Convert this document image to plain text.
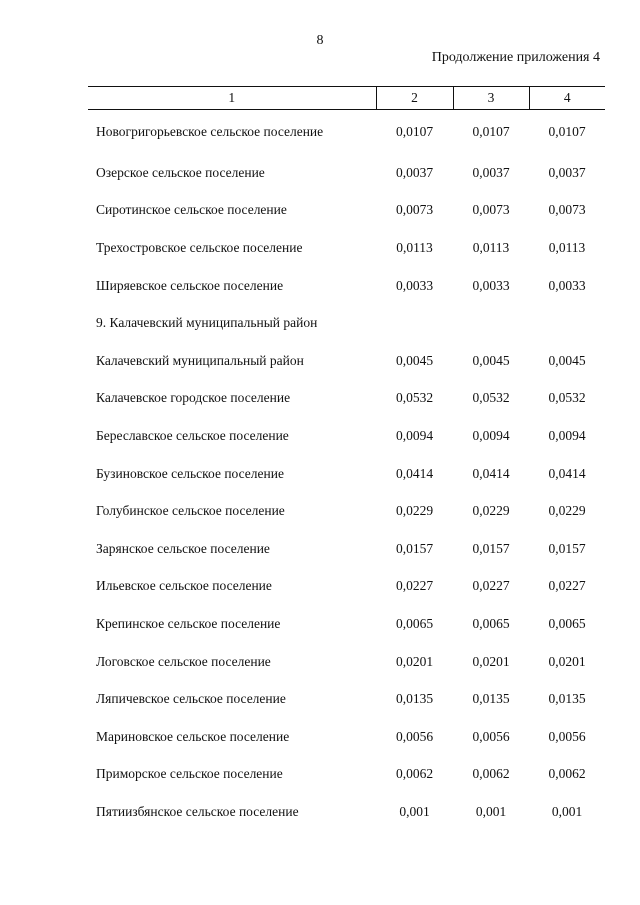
8
Продолжение приложения 4
1	2	3	4
Новогригорьевское сельское поселение	0,0107	0,0107	0,0107
Озерское сельское поселение	0,0037	0,0037	0,0037
Сиротинское сельское поселение	0,0073	0,0073	0,0073
Трехостровское сельское поселение	0,0113	0,0113	0,0113
Ширяевское сельское поселение	0,0033	0,0033	0,0033
9. Калачевский муниципальный район			
Калачевский муниципальный район	0,0045	0,0045	0,0045
Калачевское городское поселение	0,0532	0,0532	0,0532
Береславское сельское поселение	0,0094	0,0094	0,0094
Бузиновское сельское поселение	0,0414	0,0414	0,0414
Голубинское сельское поселение	0,0229	0,0229	0,0229
Зарянское сельское поселение	0,0157	0,0157	0,0157
Ильевское сельское поселение	0,0227	0,0227	0,0227
Крепинское сельское поселение	0,0065	0,0065	0,0065
Логовское сельское поселение	0,0201	0,0201	0,0201
Ляпичевское сельское поселение	0,0135	0,0135	0,0135
Мариновское сельское поселение	0,0056	0,0056	0,0056
Приморское сельское поселение	0,0062	0,0062	0,0062
Пятиизбянское сельское поселение	0,001	0,001	0,001
